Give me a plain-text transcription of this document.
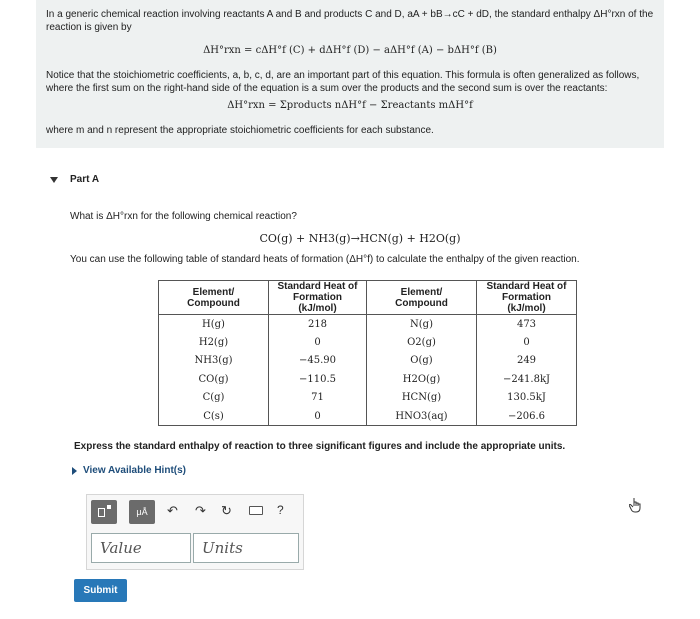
In a generic chemical reaction involving reactants A and B and products C and D, aA + bB→cC + dD, the standard enthalpy ΔH°rxn of the reaction is given by

ΔH°rxn = cΔH°f (C) + dΔH°f (D) − aΔH°f (A) − bΔH°f (B)

Notice that the stoichiometric coefficients, a, b, c, d, are an important part of this equation. This formula is often generalized as follows, where the first sum on the right-hand side of the equation is a sum over the products and the second sum is over the reactants:

ΔH°rxn = Σproducts nΔH°f − Σreactants mΔH°f

where m and n represent the appropriate stoichiometric coefficients for each substance.

Part A
What is ΔH°rxn for the following chemical reaction?
CO(g) + NH3(g)→HCN(g) + H2O(g)
You can use the following table of standard heats of formation (ΔH°f) to calculate the enthalpy of the given reaction.
Element/ Compound	Standard Heat of Formation (kJ/mol)	Element/ Compound	Standard Heat of Formation (kJ/mol)
H(g)	218	N(g)	473
H2(g)	0	O2(g)	0
NH3(g)	−45.90	O(g)	249
CO(g)	−110.5	H2O(g)	−241.8kJ
C(g)	71	HCN(g)	130.5kJ
C(s)	0	HNO3(aq)	−206.6
Express the standard enthalpy of reaction to three significant figures and include the appropriate units.
View Available Hint(s)
μÅ ↶ ↷ ↻	?
Value	Units
Submit
